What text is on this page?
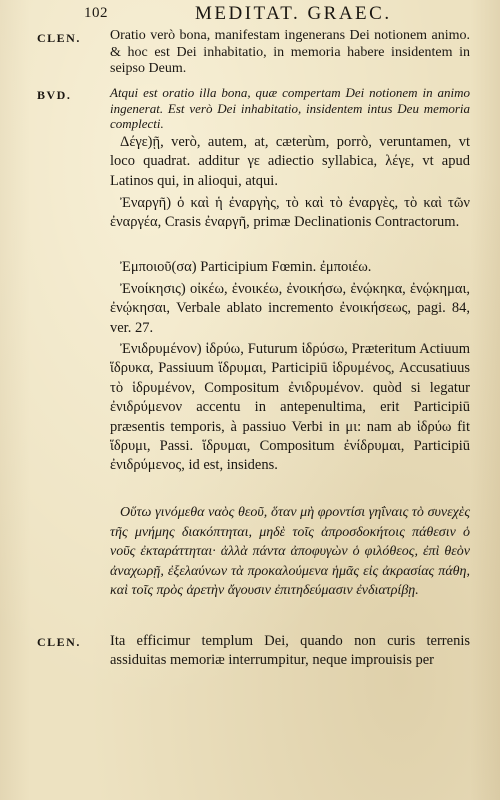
102	MEDITAT. GRAEC.
CLEN. Oratio verò bona, manifestam ingenerans Dei notionem animo. & hoc est Dei inhabitatio, in memoria habere insidentem in seipso Deum.
BVD.	Atqui est oratio illa bona, quæ compertam Dei notionem in animo ingenerat. Est verò Dei inhabitatio, insidentem intus Deu memoria complecti.
Δέγε)ῇ, verò, autem, at, cæterùm, porrò, veruntamen, vt loco quadrat. additur γε adiectio syllabica, λέγε, vt apud Latinos qui, in alioqui, atqui.
Ἐναργῆ) ὁ καὶ ἡ ἐναργὴς, τὸ καὶ τὸ ἐναργὲς, τὸ καὶ τῶν ἐναργέα, Crasis ἐναργῆ, primæ Declinationis Contractorum.
Ἐμποιοῦ(σα) Participium Fœmin. ἐμποιέω.
Ἐνοίκησις) οἰκέω, ἐνοικέω, ἐνοικήσω, ἐνῴκηκα, ἐνῴκημαι, ἐνῴκησαι, Verbale ablato incremento ἐνοικήσεως, pagi. 84, ver. 27.
Ἐνιδρυμένον) ἱδρύω, Futurum ἱδρύσω, Præteritum Actiuum ἵδρυκα, Passiuum ἵδρυμαι, Participiū ἱδρυμένος, Accusatiuus τὸ ἱδρυμένον, Compositum ἐνιδρυμένον. quòd si legatur ἐνιδρύμενον accentu in antepenultima, erit Participiū præsentis temporis, à passiuo Verbi in μι: nam ab ἱδρύω fit ἵδρυμι, Passi. ἵδρυμαι, Compositum ἐνίδρυμαι, Participiū ἐνιδρύμενος, id est, insidens.
Οὕτω γινόμεθα ναὸς θεοῦ, ὅταν μὴ φροντίσι γηΐναις τὸ συνεχὲς τῆς μνήμης διακόπτηται, μηδὲ τοῖς ἀπροσδοκήτοις πάθεσιν ὁ νοῦς ἐκταράττηται· ἀλλὰ πάντα ἀποφυγὼν ὁ φιλόθεος, ἐπὶ θεὸν ἀναχωρῇ, ἐξελαύνων τὰ προκαλούμενα ἡμᾶς εἰς ἀκρασίας πάθη, καὶ τοῖς πρὸς ἀρετὴν ἄγουσιν ἐπιτηδεύμασιν ἐνδιατρίβῃ.
CLEN. Ita efficimur templum Dei, quando non curis terrenis assiduitas memoriæ interrumpitur, neque improuisis per
